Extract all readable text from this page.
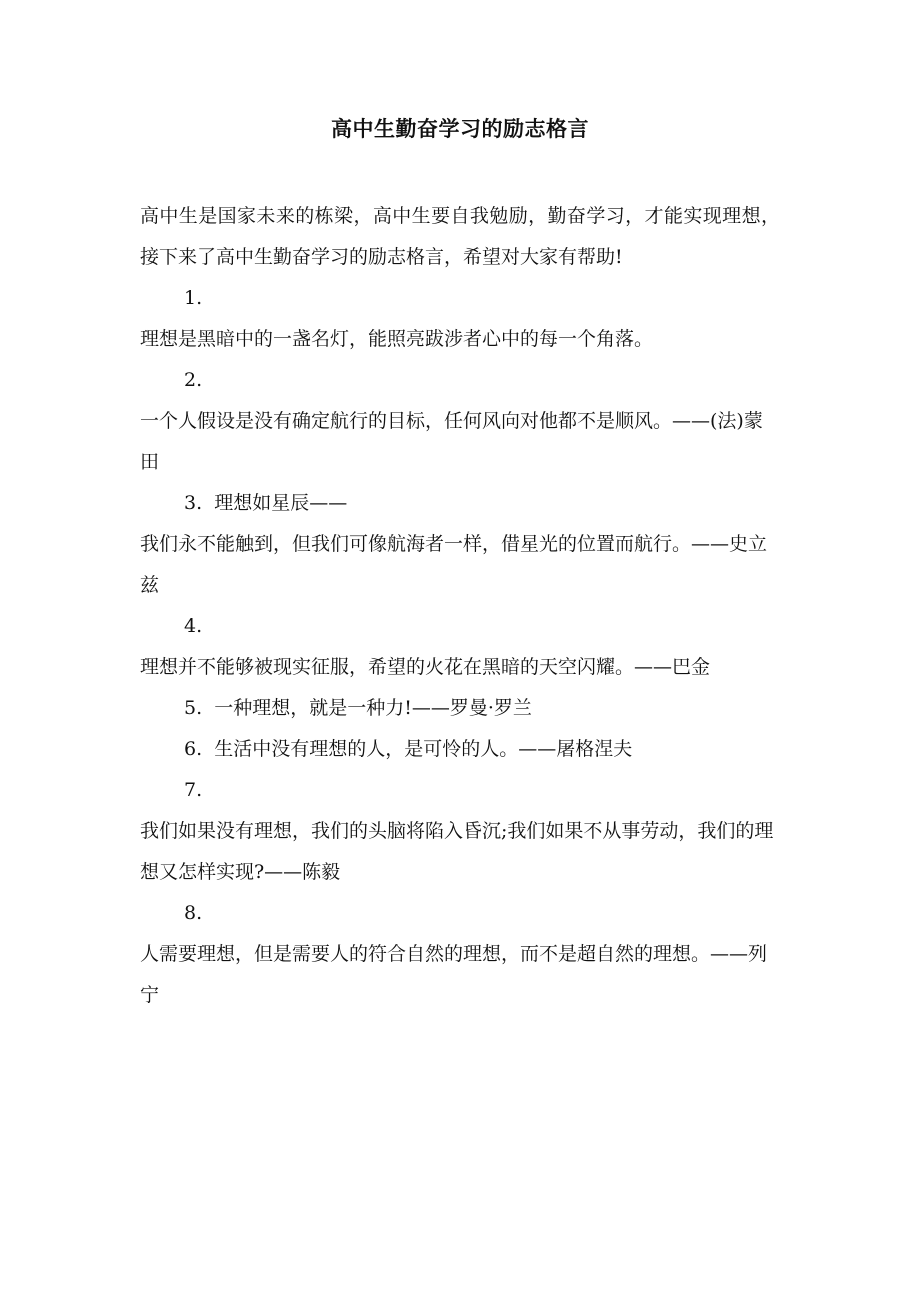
高中生勤奋学习的励志格言

高中生是国家未来的栋梁，高中生要自我勉励，勤奋学习，才能实现理想，接下来了高中生勤奋学习的励志格言，希望对大家有帮助!

1.
理想是黑暗中的一盏名灯，能照亮跋涉者心中的每一个角落。
2.
一个人假设是没有确定航行的目标，任何风向对他都不是顺风。——(法)蒙田
3. 理想如星辰——
我们永不能触到，但我们可像航海者一样，借星光的位置而航行。——史立兹
4.
理想并不能够被现实征服，希望的火花在黑暗的天空闪耀。——巴金
5. 一种理想，就是一种力!——罗曼·罗兰
6. 生活中没有理想的人，是可怜的人。——屠格涅夫
7.
我们如果没有理想，我们的头脑将陷入昏沉;我们如果不从事劳动，我们的理想又怎样实现?——陈毅
8.
人需要理想，但是需要人的符合自然的理想，而不是超自然的理想。——列宁
